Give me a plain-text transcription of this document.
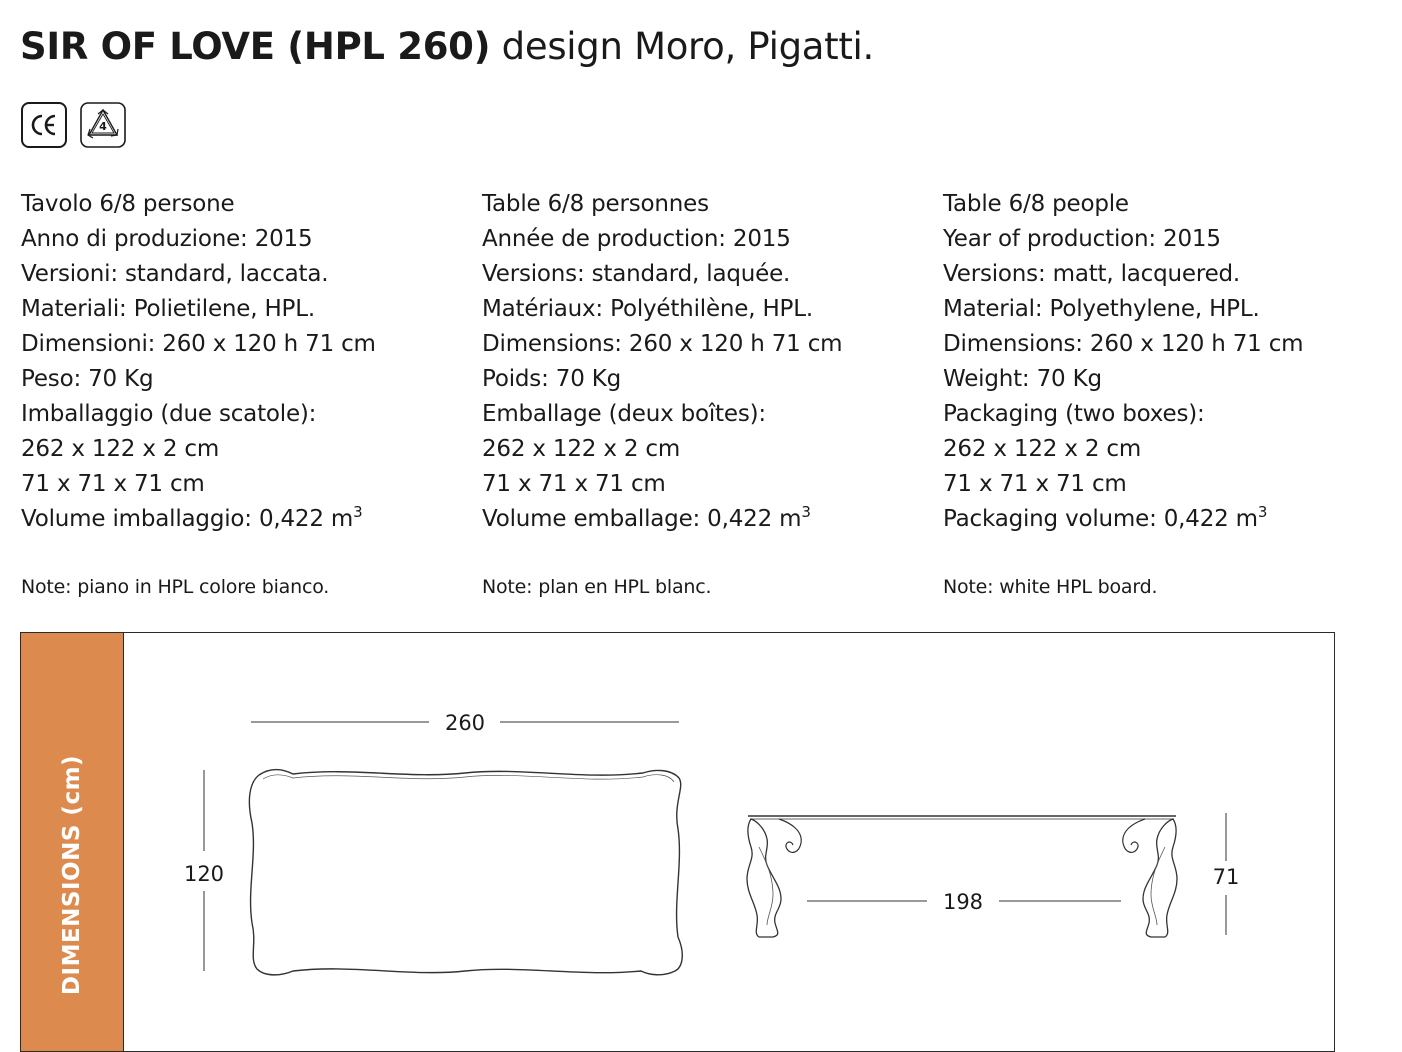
SIR OF LOVE (HPL 260) design Moro, Pigatti.
4
Tavolo 6/8 persone
Anno di produzione: 2015
Versioni: standard, laccata.
Materiali: Polietilene, HPL.
Dimensioni: 260 x 120 h 71 cm
Peso: 70 Kg
Imballaggio (due scatole):
262 x 122 x 2 cm
71 x 71 x 71 cm
Volume imballaggio: 0,422 $m^3$
Note: piano in HPL colore bianco.
Table 6/8 personnes
Année de production: 2015
Versions: standard, laquée.
Matériaux: Polyéthilène, HPL.
Dimensions: 260 x 120 h 71 cm
Poids: 70 Kg
Emballage (deux boîtes):
262 x 122 x 2 cm
71 x 71 x 71 cm
Volume emballage: 0,422 $m^3$
Note: plan en HPL blanc.
Table 6/8 people
Year of production: 2015
Versions: matt, lacquered.
Material: Polyethylene, HPL.
Dimensions: 260 x 120 h 71 cm
Weight: 70 Kg
Packaging (two boxes):
262 x 122 x 2 cm
71 x 71 x 71 cm
Packaging volume: 0,422 $m^3$
Note: white HPL board.
DIMENSIONS (cm)
260
120
198
71
